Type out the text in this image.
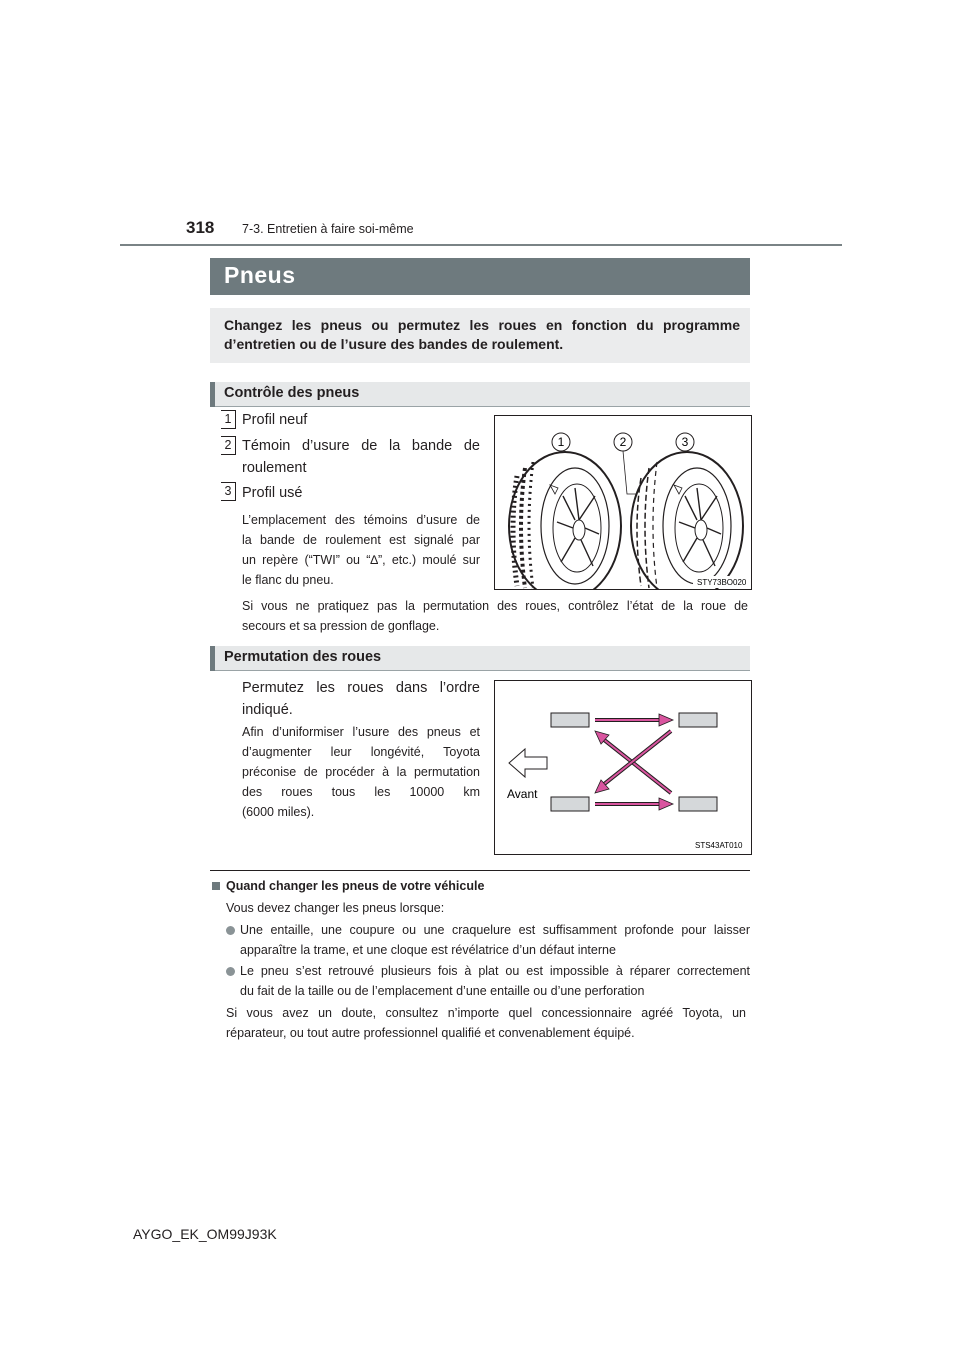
318 7-3. Entretien à faire soi-même
Pneus
Changez les pneus ou permutez les roues en fonction du programme
d’entretien ou de l’usure des bandes de roulement.
Contrôle des pneus
1 Profil neuf
2 Témoin d’usure de la bande de
roulement
3 Profil usé
L’emplacement des témoins d’usure de
la bande de roulement est signalé par
un repère (“TWI” ou “∆”, etc.) moulé sur
le flanc du pneu.
1	2	3
STY73BO020
Si vous ne pratiquez pas la permutation des roues, contrôlez l’état de la roue de
secours et sa pression de gonflage.
Permutation des roues
Permutez les roues dans l’ordre
indiqué.
Afin d’uniformiser l’usure des pneus et
d’augmenter leur longévité, Toyota
préconise de procéder à la permutation
des roues tous les 10000 km
(6000 miles).
Avant
STS43AT010
Quand changer les pneus de votre véhicule
Vous devez changer les pneus lorsque:
Une entaille, une coupure ou une craquelure est suffisamment profonde pour laisser
apparaître la trame, et une cloque est révélatrice d’un défaut interne
Le pneu s’est retrouvé plusieurs fois à plat ou est impossible à réparer correctement
du fait de la taille ou de l’emplacement d’une entaille ou d’une perforation
Si vous avez un doute, consultez n’importe quel concessionnaire agréé Toyota, un
réparateur, ou tout autre professionnel qualifié et convenablement équipé.
AYGO_EK_OM99J93K
